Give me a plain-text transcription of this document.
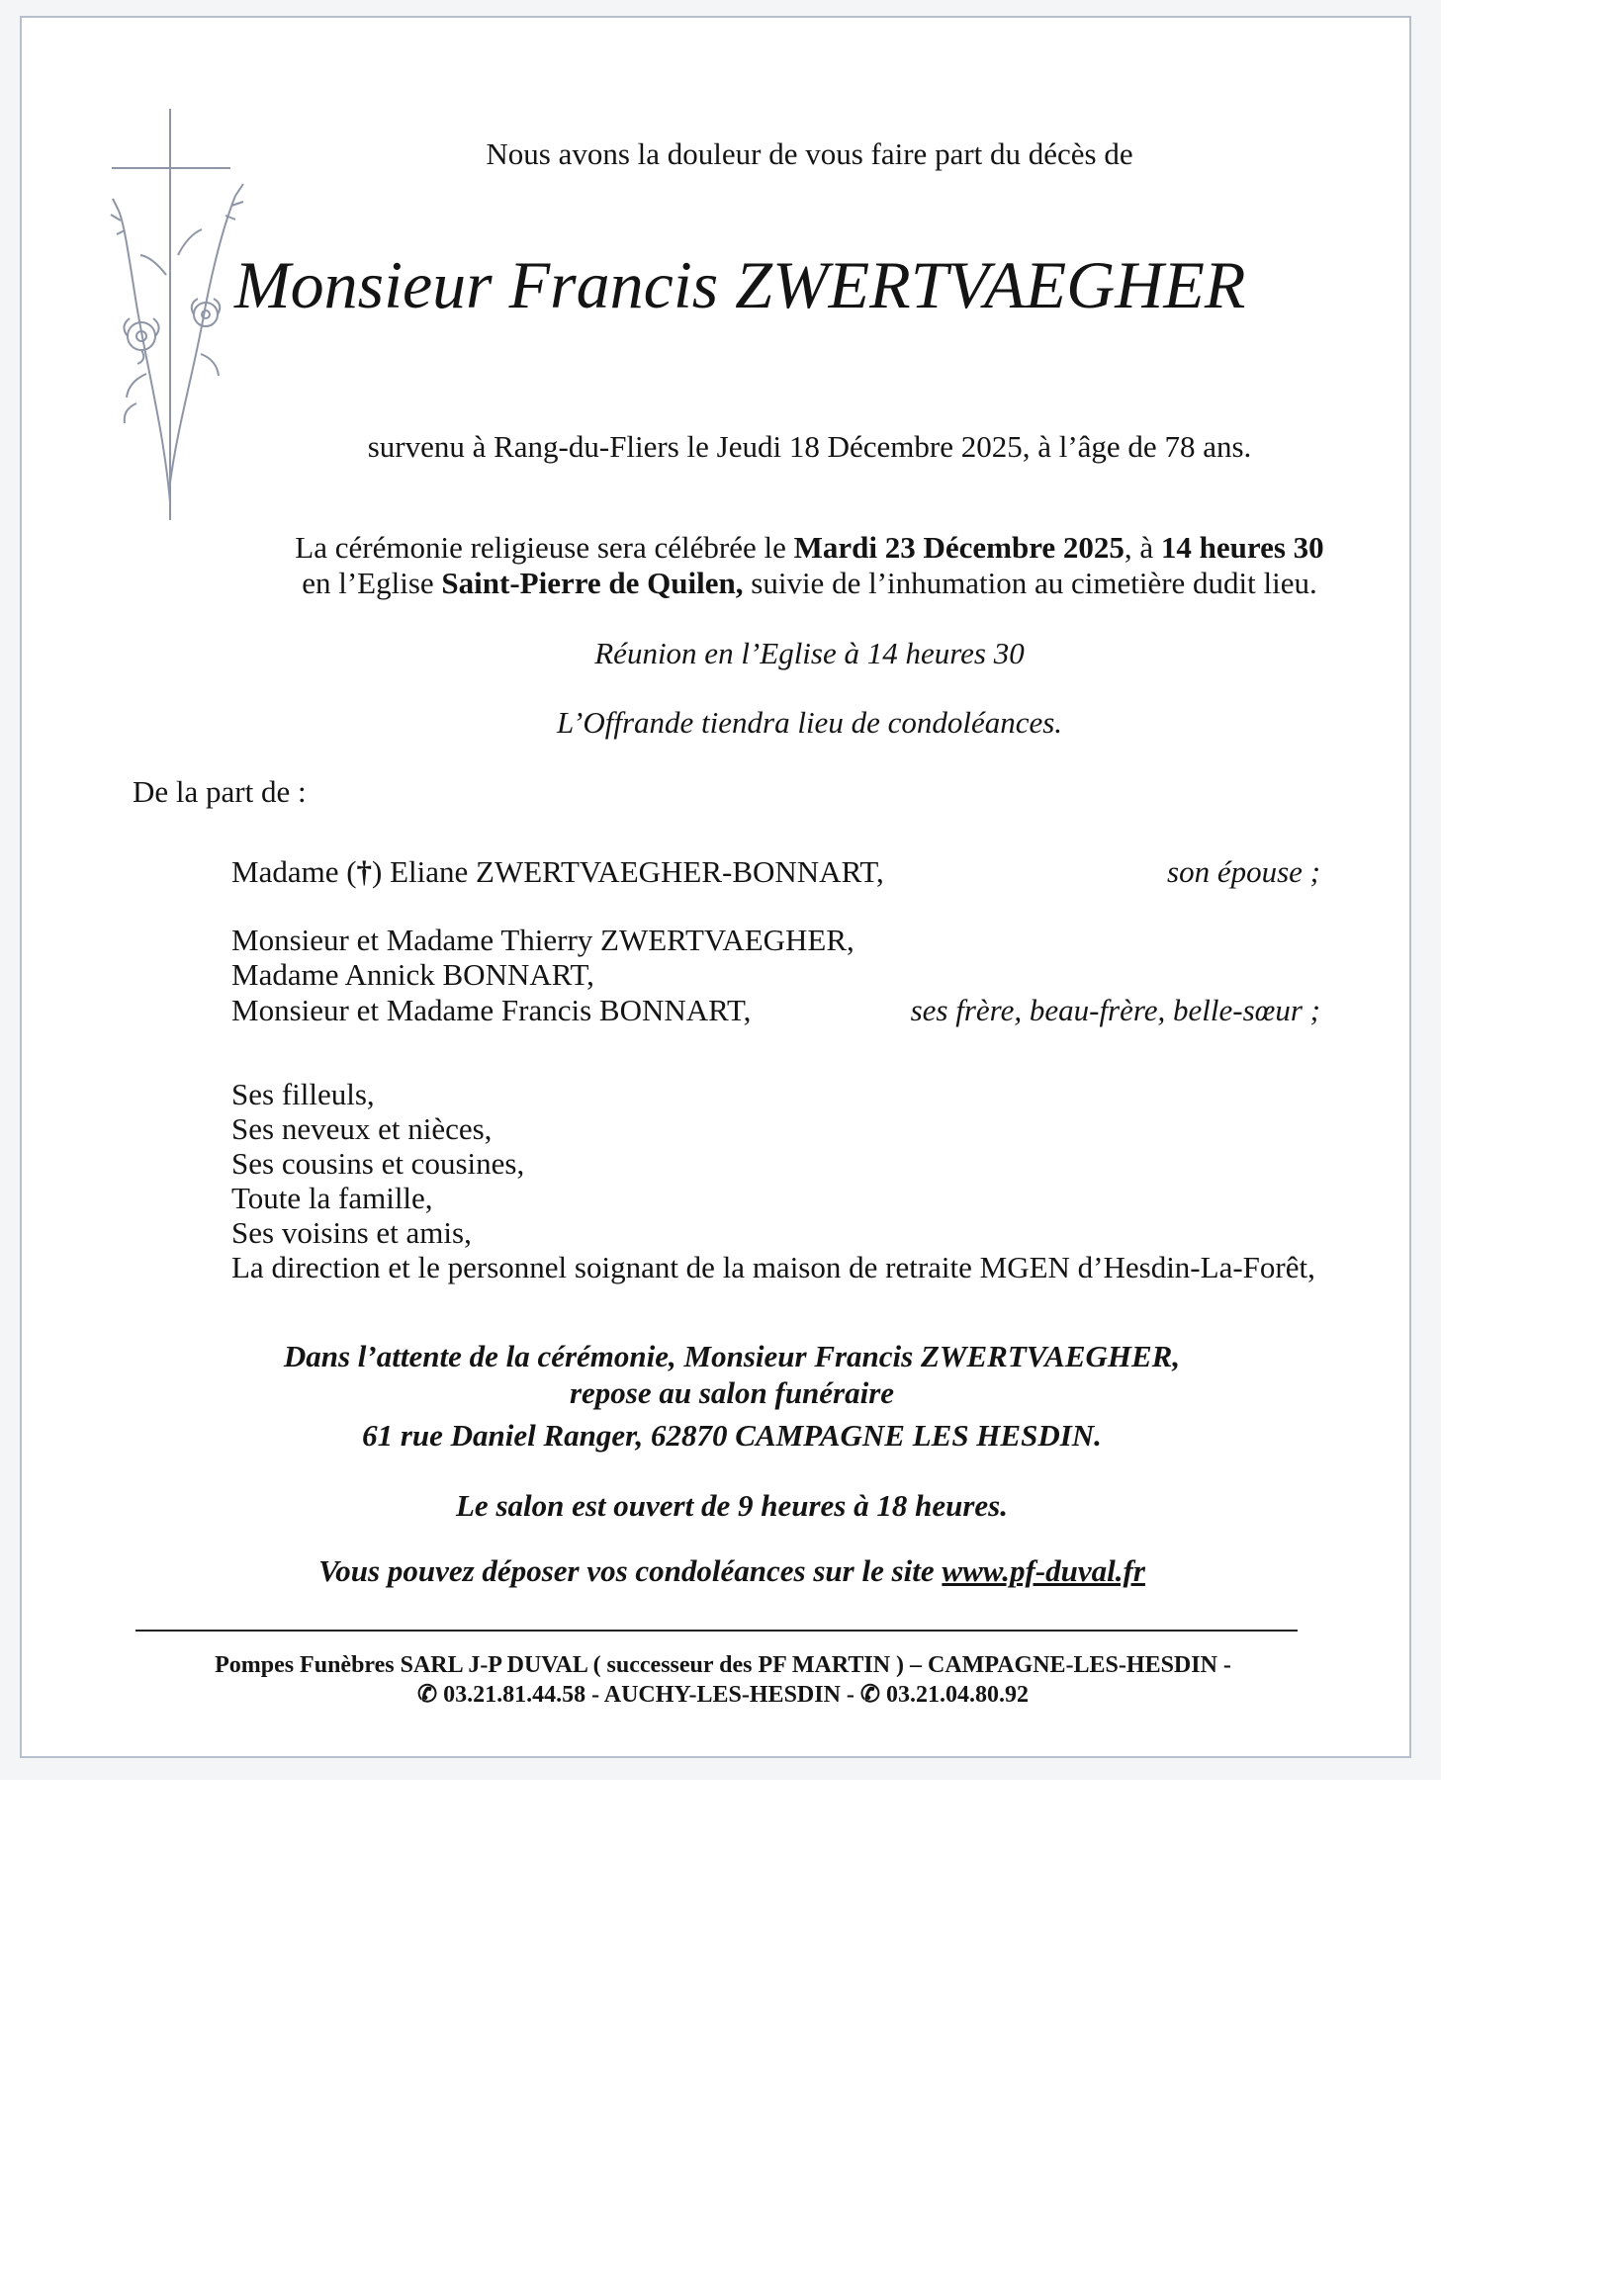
Nous avons la douleur de vous faire part du décès de
Monsieur Francis ZWERTVAEGHER
survenu à Rang-du-Fliers le Jeudi 18 Décembre 2025, à l’âge de 78 ans.
La cérémonie religieuse sera célébrée le Mardi 23 Décembre 2025, à 14 heures 30
en l’Eglise Saint-Pierre de Quilen, suivie de l’inhumation au cimetière dudit lieu.
Réunion en l’Eglise à 14 heures 30
L’Offrande tiendra lieu de condoléances.
De la part de :
Madame (†) Eliane ZWERTVAEGHER-BONNART,	son épouse ;
Monsieur et Madame Thierry ZWERTVAEGHER,
Madame Annick BONNART,
Monsieur et Madame Francis BONNART,	ses frère, beau-frère, belle-sœur ;
Ses filleuls,
Ses neveux et nièces,
Ses cousins et cousines,
Toute la famille,
Ses voisins et amis,
La direction et le personnel soignant de la maison de retraite MGEN d’Hesdin-La-Forêt,
Dans l’attente de la cérémonie, Monsieur Francis ZWERTVAEGHER,
repose au salon funéraire
61 rue Daniel Ranger, 62870 CAMPAGNE LES HESDIN.
Le salon est ouvert de 9 heures à 18 heures.
Vous pouvez déposer vos condoléances sur le site www.pf-duval.fr
Pompes Funèbres SARL J-P DUVAL ( successeur des PF MARTIN ) – CAMPAGNE-LES-HESDIN -
✆ 03.21.81.44.58 - AUCHY-LES-HESDIN - ✆ 03.21.04.80.92
